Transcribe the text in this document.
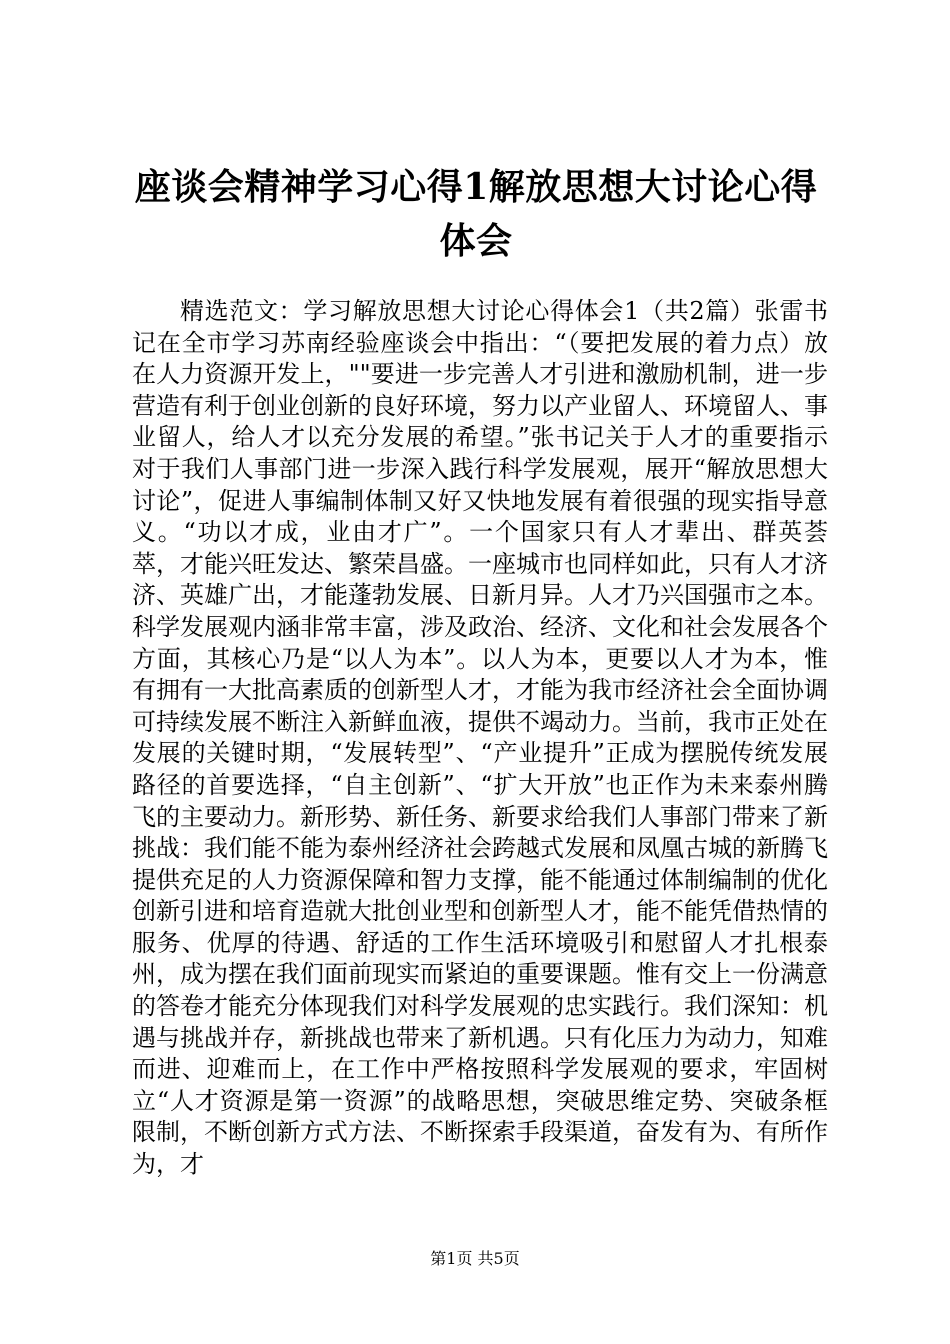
座谈会精神学习心得1解放思想大讨论心得体会

精选范文：学习解放思想大讨论心得体会1（共2篇）张雷书记在全市学习苏南经验座谈会中指出：“（要把发展的着力点）放在人力资源开发上，""要进一步完善人才引进和激励机制，进一步营造有利于创业创新的良好环境，努力以产业留人、环境留人、事业留人，给人才以充分发展的希望。”张书记关于人才的重要指示对于我们人事部门进一步深入践行科学发展观，展开“解放思想大讨论”，促进人事编制体制又好又快地发展有着很强的现实指导意义。“功以才成，业由才广”。一个国家只有人才辈出、群英荟萃，才能兴旺发达、繁荣昌盛。一座城市也同样如此，只有人才济济、英雄广出，才能蓬勃发展、日新月异。人才乃兴国强市之本。科学发展观内涵非常丰富，涉及政治、经济、文化和社会发展各个方面，其核心乃是“以人为本”。以人为本，更要以人才为本，惟有拥有一大批高素质的创新型人才，才能为我市经济社会全面协调可持续发展不断注入新鲜血液，提供不竭动力。当前，我市正处在发展的关键时期，“发展转型”、“产业提升”正成为摆脱传统发展路径的首要选择，“自主创新”、“扩大开放”也正作为未来泰州腾飞的主要动力。新形势、新任务、新要求给我们人事部门带来了新挑战：我们能不能为泰州经济社会跨越式发展和凤凰古城的新腾飞提供充足的人力资源保障和智力支撑，能不能通过体制编制的优化创新引进和培育造就大批创业型和创新型人才，能不能凭借热情的服务、优厚的待遇、舒适的工作生活环境吸引和慰留人才扎根泰州，成为摆在我们面前现实而紧迫的重要课题。惟有交上一份满意的答卷才能充分体现我们对科学发展观的忠实践行。我们深知：机遇与挑战并存，新挑战也带来了新机遇。只有化压力为动力，知难而进、迎难而上，在工作中严格按照科学发展观的要求，牢固树立“人才资源是第一资源”的战略思想，突破思维定势、突破条框限制，不断创新方式方法、不断探索手段渠道，奋发有为、有所作为，才

第1页 共5页
